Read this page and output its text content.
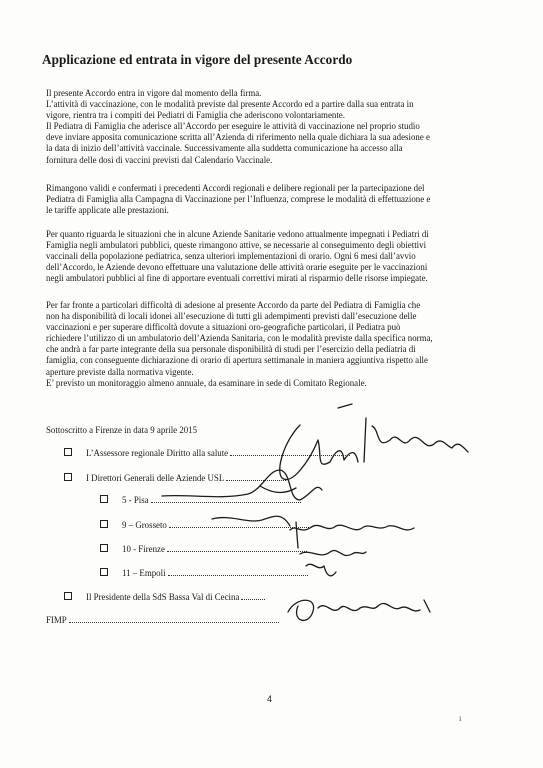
Applicazione ed entrata in vigore del presente Accordo
Il presente Accordo entra in vigore dal momento della firma.
L’attività di vaccinazione, con le modalità previste dal presente Accordo ed a partire dalla sua entrata in
vigore, rientra tra i compiti dei Pediatri di Famiglia che aderiscono volontariamente.
Il Pediatra di Famiglia che aderisce all’Accordo per eseguire le attività di vaccinazione nel proprio studio
deve inviare apposita comunicazione scritta all’Azienda di riferimento nella quale dichiara la sua adesione e
la data di inizio dell’attività vaccinale. Successivamente alla suddetta comunicazione ha accesso alla
fornitura delle dosi di vaccini previsti dal Calendario Vaccinale.
Rimangono validi e confermati i precedenti Accordi regionali e delibere regionali per la partecipazione del
Pediatra di Famiglia alla Campagna di Vaccinazione per l’Influenza, comprese le modalità di effettuazione e
le tariffe applicate alle prestazioni.
Per quanto riguarda le situazioni che in alcune Aziende Sanitarie vedono attualmente impegnati i Pediatri di
Famiglia negli ambulatori pubblici, queste rimangono attive, se necessarie al conseguimento degli obiettivi
vaccinali della popolazione pediatrica, senza ulteriori implementazioni di orario. Ogni 6 mesi dall’avvio
dell’Accordo, le Aziende devono effettuare una valutazione delle attività orarie eseguite per le vaccinazioni
negli ambulatori pubblici al fine di apportare eventuali correttivi mirati al risparmio delle risorse impiegate.
Per far fronte a particolari difficoltà di adesione al presente Accordo da parte del Pediatra di Famiglia che
non ha disponibilità di locali idonei all’esecuzione di tutti gli adempimenti previsti dall’esecuzione delle
vaccinazioni e per superare difficoltà dovute a situazioni oro-geografiche particolari, il Pediatra può
richiedere l’utilizzo di un ambulatorio dell’Azienda Sanitaria, con le modalità previste dalla specifica norma,
che andrà a far parte integrante della sua personale disponibilità di studi per l’esercizio della pediatria di
famiglia, con conseguente dichiarazione di orario di apertura settimanale in maniera aggiuntiva rispetto alle
aperture previste dalla normativa vigente.
E’ previsto un monitoraggio almeno annuale, da esaminare in sede di Comitato Regionale.
Sottoscritto a Firenze in data 9 aprile 2015
L’Assessore regionale Diritto alla salute
I Direttori Generali delle Aziende USL
5 - Pisa
9 – Grosseto
10 - Firenze
11 – Empoli
Il Presidente della SdS Bassa Val di Cecina
FIMP
4
ı
